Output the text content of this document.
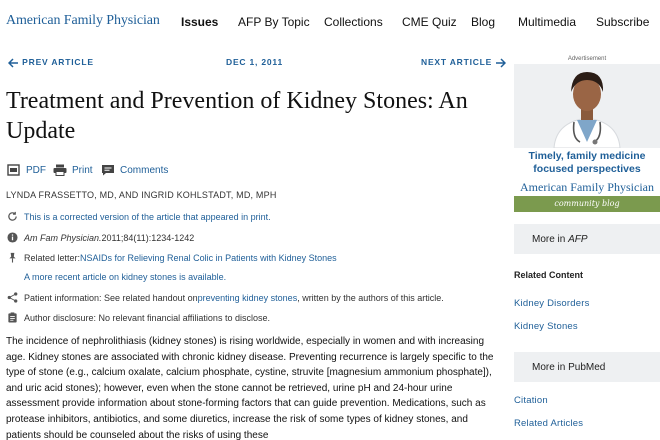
American Family Physician Issues AFP By Topic Collections CME Quiz Blog Multimedia Subscribe
PREV ARTICLE	DEC 1, 2011	NEXT ARTICLE
Treatment and Prevention of Kidney Stones: An Update
PDF	Print	Comments
LYNDA FRASSETTO, MD, AND INGRID KOHLSTADT, MD, MPH
This is a corrected version of the article that appeared in print.
Am Fam Physician. 2011;84(11):1234-1242
Related letter: NSAIDs for Relieving Renal Colic in Patients with Kidney Stones
A more recent article on kidney stones is available.
Patient information: See related handout on preventing kidney stones , written by the authors of this article.
Author disclosure: No relevant financial affiliations to disclose.

The incidence of nephrolithiasis (kidney stones) is rising worldwide, especially in women and with increasing age. Kidney stones are associated with chronic kidney disease. Preventing recurrence is largely specific to the type of stone (e.g., calcium oxalate, calcium phosphate, cystine, struvite [magnesium ammonium phosphate]), and uric acid stones); however, even when the stone cannot be retrieved, urine pH and 24-hour urine assessment provide information about stone-forming factors that can guide prevention. Medications, such as protease inhibitors, antibiotics, and some diuretics, increase the risk of some types of kidney stones, and patients should be counseled about the risks of using these

Advertisement
Timely, family medicine
focused perspectives
American Family Physician
community blog
More in AFP
Related Content
Kidney Disorders
Kidney Stones
More in PubMed
Citation
Related Articles
